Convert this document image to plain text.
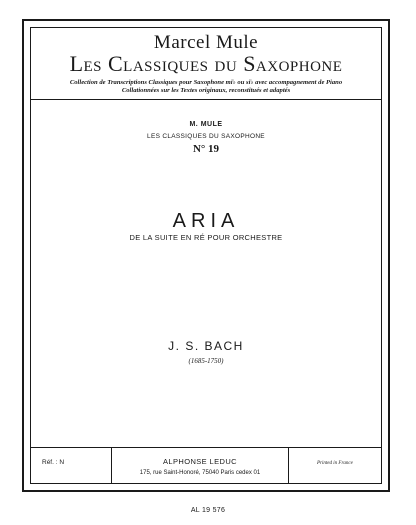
Marcel Mule
Les Classiques du Saxophone
Collection de Transcriptions Classiques pour Saxophone mi♭ ou si♭ avec accompagnement de Piano
Collationnées sur les Textes originaux, reconstitués et adaptés
M. MULE
LES CLASSIQUES DU SAXOPHONE
N° 19
ARIA
DE LA SUITE EN RÉ POUR ORCHESTRE
J. S. BACH
(1685-1750)
Réf. : N	ALPHONSE LEDUC
175, rue Saint-Honoré, 75040 Paris cedex 01
Printed in France
AL 19 576
